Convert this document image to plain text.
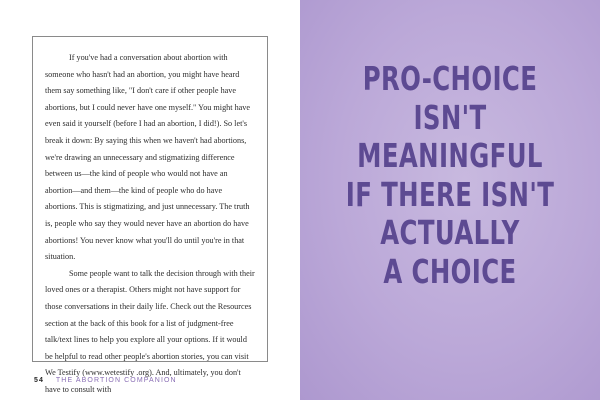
If you've had a conversation about abortion with someone who hasn't had an abortion, you might have heard them say something like, "I don't care if other people have abortions, but I could never have one myself." You might have even said it yourself (before I had an abortion, I did!). So let's break it down: By saying this when we haven't had abortions, we're drawing an unnecessary and stigmatizing difference between us—the kind of people who would not have an abortion—and them—the kind of people who do have abortions. This is stigmatizing, and just unnecessary. The truth is, people who say they would never have an abortion do have abortions! You never know what you'll do until you're in that situation.

Some people want to talk the decision through with their loved ones or a therapist. Others might not have support for those conversations in their daily life. Check out the Resources section at the back of this book for a list of judgment-free talk/text lines to help you explore all your options. If it would be helpful to read other people's abortion stories, you can visit We Testify (www.wetestify .org). And, ultimately, you don't have to consult with

54 THE ABORTION COMPANION
PRO-CHOICE
ISN'T
MEANINGFUL
IF THERE ISN'T
ACTUALLY
A CHOICE
